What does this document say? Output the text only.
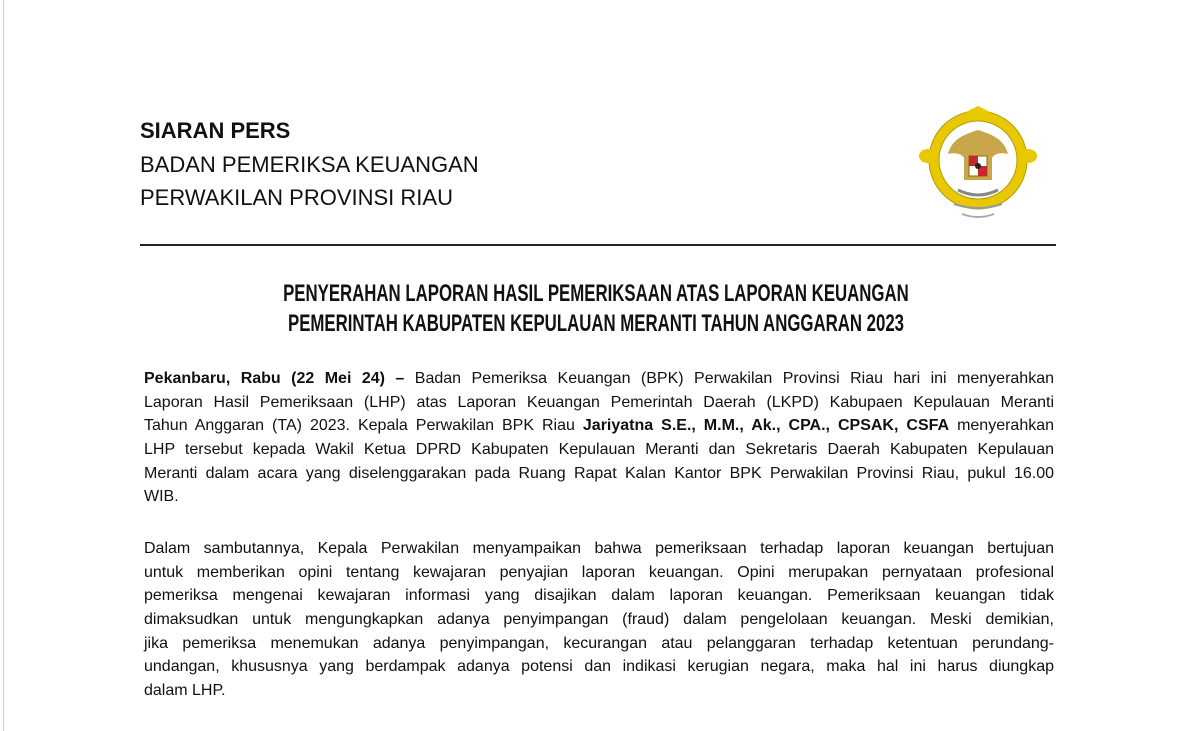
SIARAN PERS
BADAN PEMERIKSA KEUANGAN
PERWAKILAN PROVINSI RIAU
PENYERAHAN LAPORAN HASIL PEMERIKSAAN ATAS LAPORAN KEUANGAN
PEMERINTAH KABUPATEN KEPULAUAN MERANTI TAHUN ANGGARAN 2023
Pekanbaru, Rabu (22 Mei 24) – Badan Pemeriksa Keuangan (BPK) Perwakilan Provinsi Riau hari ini menyerahkan
Laporan Hasil Pemeriksaan (LHP) atas Laporan Keuangan Pemerintah Daerah (LKPD) Kabupaen Kepulauan Meranti
Tahun Anggaran (TA) 2023. Kepala Perwakilan BPK Riau Jariyatna S.E., M.M., Ak., CPA., CPSAK, CSFA menyerahkan
LHP tersebut kepada Wakil Ketua DPRD Kabupaten Kepulauan Meranti dan Sekretaris Daerah Kabupaten Kepulauan
Meranti dalam acara yang diselenggarakan pada Ruang Rapat Kalan Kantor BPK Perwakilan Provinsi Riau, pukul 16.00
WIB.
Dalam sambutannya, Kepala Perwakilan menyampaikan bahwa pemeriksaan terhadap laporan keuangan bertujuan
untuk memberikan opini tentang kewajaran penyajian laporan keuangan. Opini merupakan pernyataan profesional
pemeriksa mengenai kewajaran informasi yang disajikan dalam laporan keuangan. Pemeriksaan keuangan tidak
dimaksudkan untuk mengungkapkan adanya penyimpangan (fraud) dalam pengelolaan keuangan. Meski demikian,
jika pemeriksa menemukan adanya penyimpangan, kecurangan atau pelanggaran terhadap ketentuan perundang-
undangan, khususnya yang berdampak adanya potensi dan indikasi kerugian negara, maka hal ini harus diungkap
dalam LHP.
